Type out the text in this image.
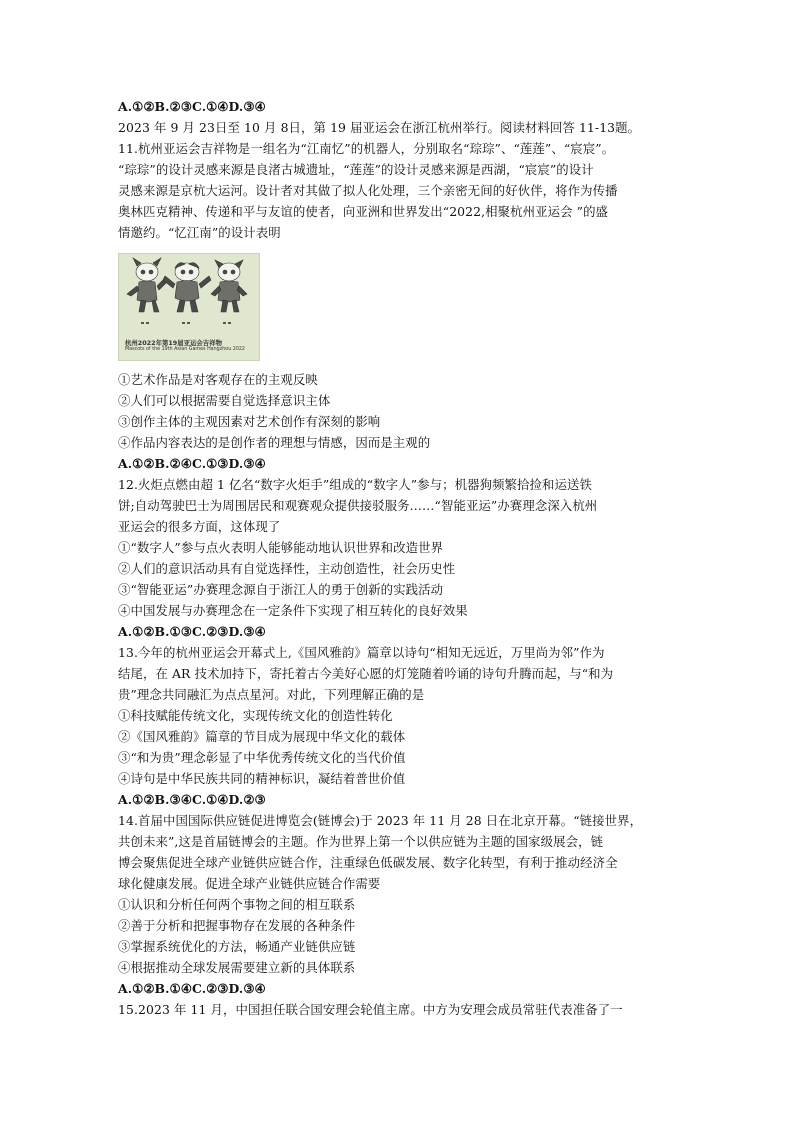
A.①②B.②③C.①④D.③④
2023 年 9 月 23日至 10 月 8日，第 19 届亚运会在浙江杭州举行。阅读材料回答 11-13题。
11.杭州亚运会吉祥物是一组名为“江南忆”的机器人，分别取名“琮琮”、“莲莲”、“宸宸”。
“琮琮”的设计灵感来源是良渚古城遗址，“莲莲”的设计灵感来源是西湖，“宸宸”的设计
灵感来源是京杭大运河。设计者对其做了拟人化处理，三个亲密无间的好伙伴，将作为传播
奥林匹克精神、传递和平与友谊的使者，向亚洲和世界发出“2022,相聚杭州亚运会 ”的盛
情邀约。“忆江南”的设计表明
杭州2022年第19届亚运会吉祥物
Mascots of the 19th Asian Games Hangzhou 2022
①艺术作品是对客观存在的主观反映
②人们可以根据需要自觉选择意识主体
③创作主体的主观因素对艺术创作有深刻的影响
④作品内容表达的是创作者的理想与情感，因而是主观的
A.①②B.②④C.①③D.③④
12.火炬点燃由超 1 亿名“数字火炬手”组成的“数字人”参与；机器狗频繁拾捡和运送铁
饼;自动驾驶巴士为周围居民和观赛观众提供接驳服务……“智能亚运”办赛理念深入杭州
亚运会的很多方面，这体现了
①“数字人”参与点火表明人能够能动地认识世界和改造世界
②人们的意识活动具有自觉选择性，主动创造性，社会历史性
③“智能亚运”办赛理念源自于浙江人的勇于创新的实践活动
④中国发展与办赛理念在一定条件下实现了相互转化的良好效果
A.①②B.①③C.②③D.③④
13.今年的杭州亚运会开幕式上,《国风雅韵》篇章以诗句“相知无远近，万里尚为邻”作为
结尾，在 AR 技术加持下，寄托着古今美好心愿的灯笼随着吟诵的诗句升腾而起，与“和为
贵”理念共同融汇为点点星河。对此，下列理解正确的是
①科技赋能传统文化，实现传统文化的创造性转化
②《国风雅韵》篇章的节目成为展现中华文化的载体
③“和为贵”理念彰显了中华优秀传统文化的当代价值
④诗句是中华民族共同的精神标识，凝结着普世价值
A.①②B.③④C.①④D.②③
14.首届中国国际供应链促进博览会(链博会)于 2023 年 11 月 28 日在北京开幕。“链接世界，
共创未来”,这是首届链博会的主题。作为世界上第一个以供应链为主题的国家级展会，链
博会聚焦促进全球产业链供应链合作，注重绿色低碳发展、数字化转型，有利于推动经济全
球化健康发展。促进全球产业链供应链合作需要
①认识和分析任何两个事物之间的相互联系
②善于分析和把握事物存在发展的各种条件
③掌握系统优化的方法，畅通产业链供应链
④根据推动全球发展需要建立新的具体联系
A.①②B.①④C.②③D.③④
15.2023 年 11 月，中国担任联合国安理会轮值主席。中方为安理会成员常驻代表准备了一
